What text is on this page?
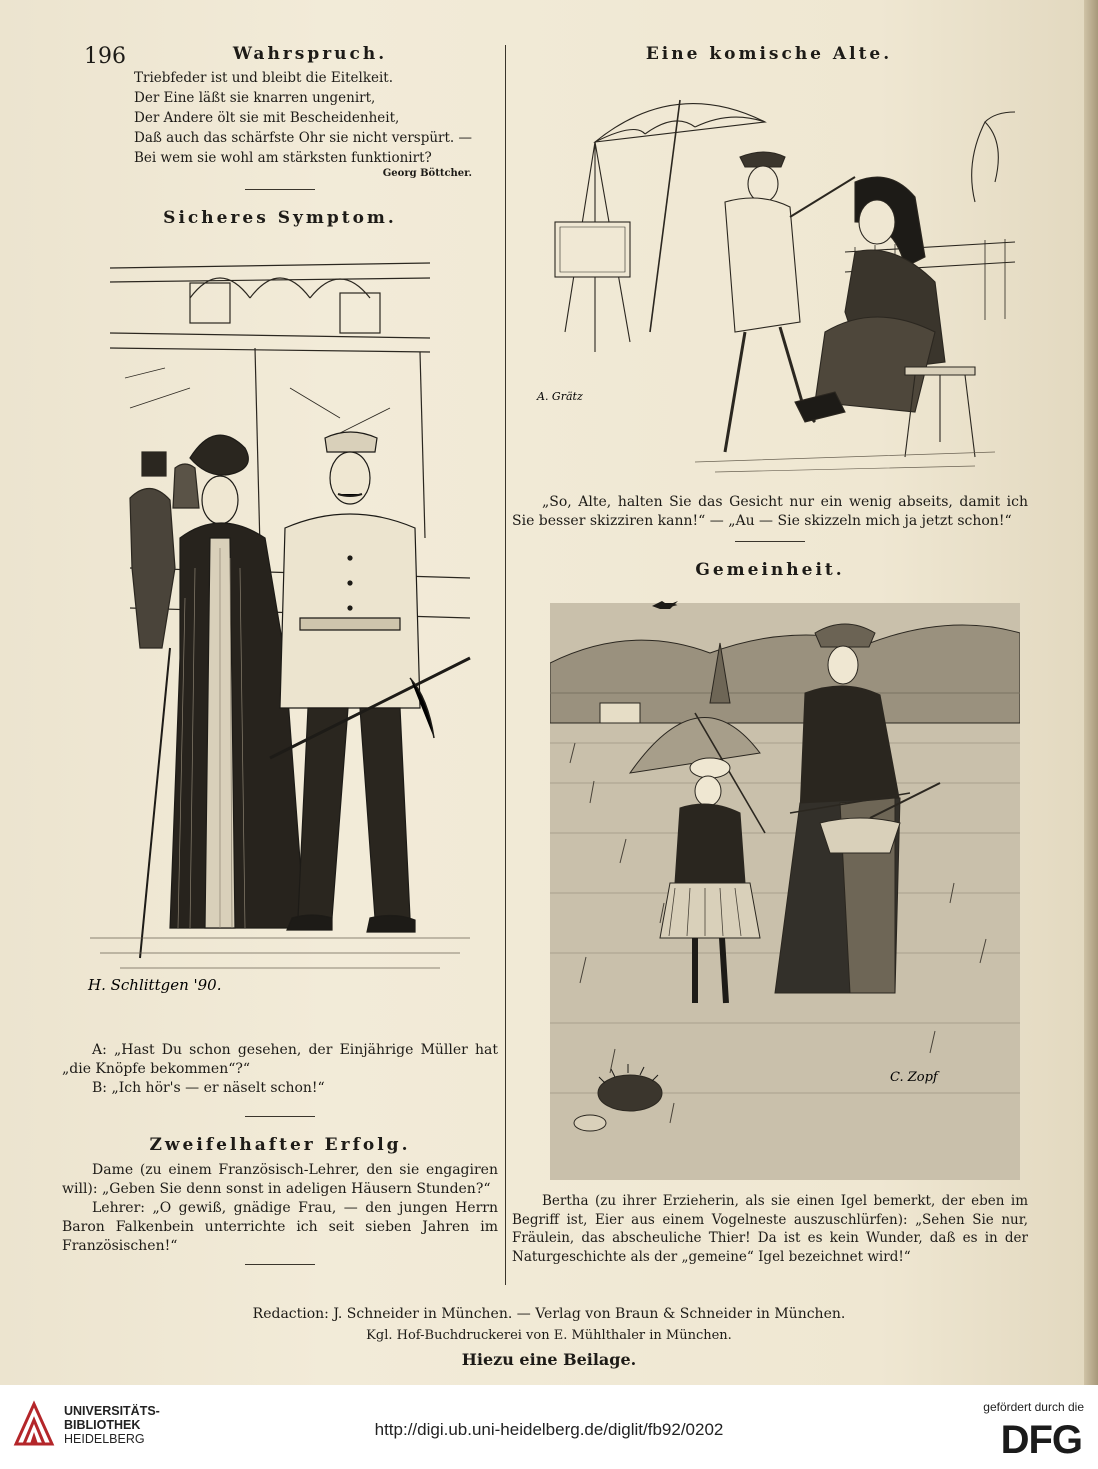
196	Wahrspruch.
Triebfeder ist und bleibt die Eitelkeit.
Der Eine läßt sie knarren ungenirt,
Der Andere ölt sie mit Bescheidenheit,
Daß auch das schärfste Ohr sie nicht verspürt. —
Bei wem sie wohl am stärksten funktionirt?
Georg Böttcher.
Sicheres Symptom.
H. Schlittgen '90.

A: „Hast Du schon gesehen, der Einjährige Müller hat „die Knöpfe bekommen“?“

B: „Ich hör's — er näselt schon!“

Zweifelhafter Erfolg.

Dame (zu einem Französisch-Lehrer, den sie engagiren will): „Geben Sie denn sonst in adeligen Häusern Stunden?“

Lehrer: „O gewiß, gnädige Frau, — den jungen Herrn Baron Falkenbein unterrichte ich seit sieben Jahren im Französischen!“

Eine komische Alte.
A. Grätz

„So, Alte, halten Sie das Gesicht nur ein wenig abseits, damit ich Sie besser skizziren kann!“ — „Au — Sie skizzeln mich ja jetzt schon!“

Gemeinheit.
C. Zopf

Bertha (zu ihrer Erzieherin, als sie einen Igel bemerkt, der eben im Begriff ist, Eier aus einem Vogelneste auszuschlürfen): „Sehen Sie nur, Fräulein, das abscheuliche Thier! Da ist es kein Wunder, daß es in der Naturgeschichte als der „gemeine“ Igel bezeichnet wird!“

Redaction: J. Schneider in München. — Verlag von Braun & Schneider in München.
Kgl. Hof-Buchdruckerei von E. Mühlthaler in München.
Hiezu eine Beilage.
UNIVERSITÄTS-
BIBLIOTHEK
HEIDELBERG	http://digi.ub.uni-heidelberg.de/diglit/fb92/0202
gefördert durch die
DFG
